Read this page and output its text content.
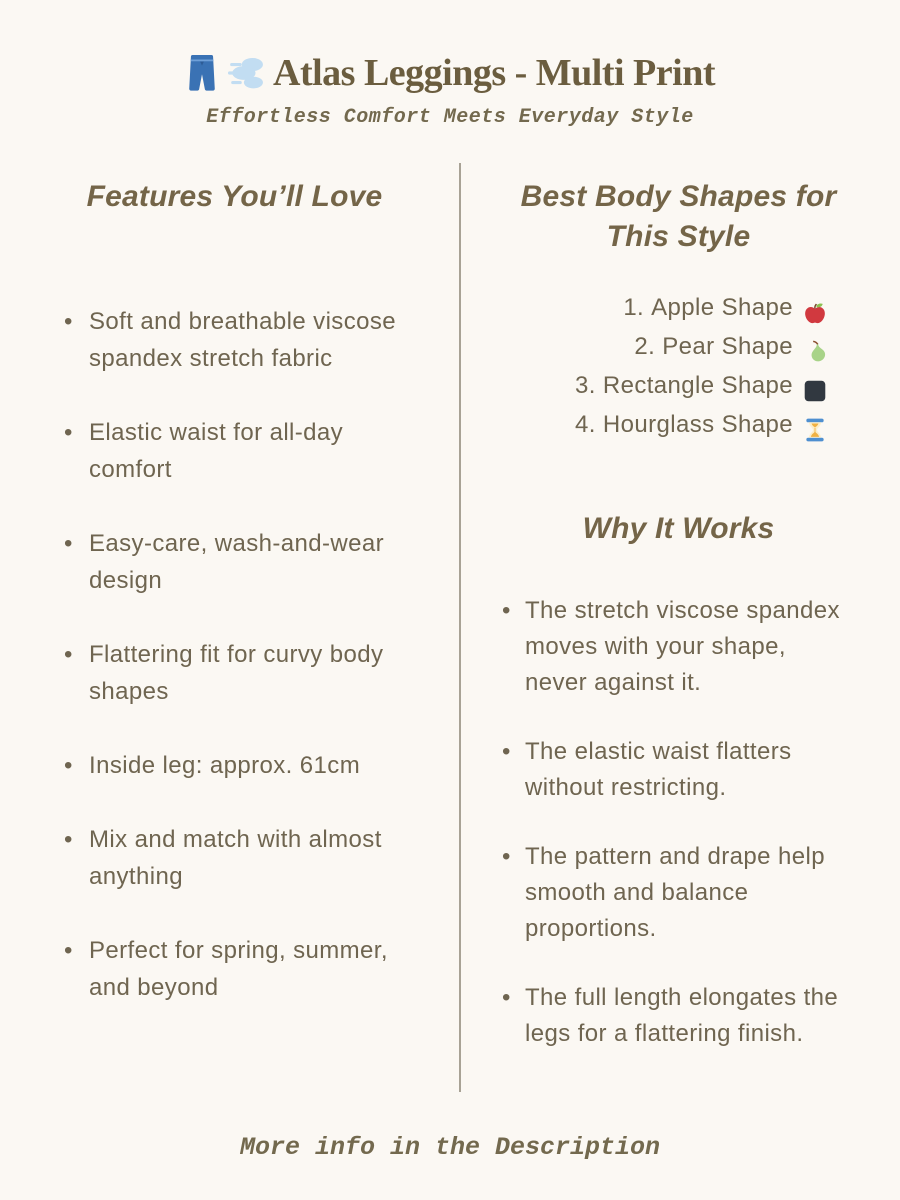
Atlas Leggings - Multi Print
Effortless Comfort Meets Everyday Style
Features You’ll Love
• Soft and breathable viscose spandex stretch fabric
• Elastic waist for all-day comfort
• Easy-care, wash-and-wear design
• Flattering fit for curvy body shapes
• Inside leg: approx. 61cm
• Mix and match with almost anything
• Perfect for spring, summer, and beyond
Best Body Shapes for This Style
1. Apple Shape
2. Pear Shape
3. Rectangle Shape
4. Hourglass Shape
Why It Works
• The stretch viscose spandex moves with your shape, never against it.
• The elastic waist flatters without restricting.
• The pattern and drape help smooth and balance proportions.
• The full length elongates the legs for a flattering finish.
More info in the Description
